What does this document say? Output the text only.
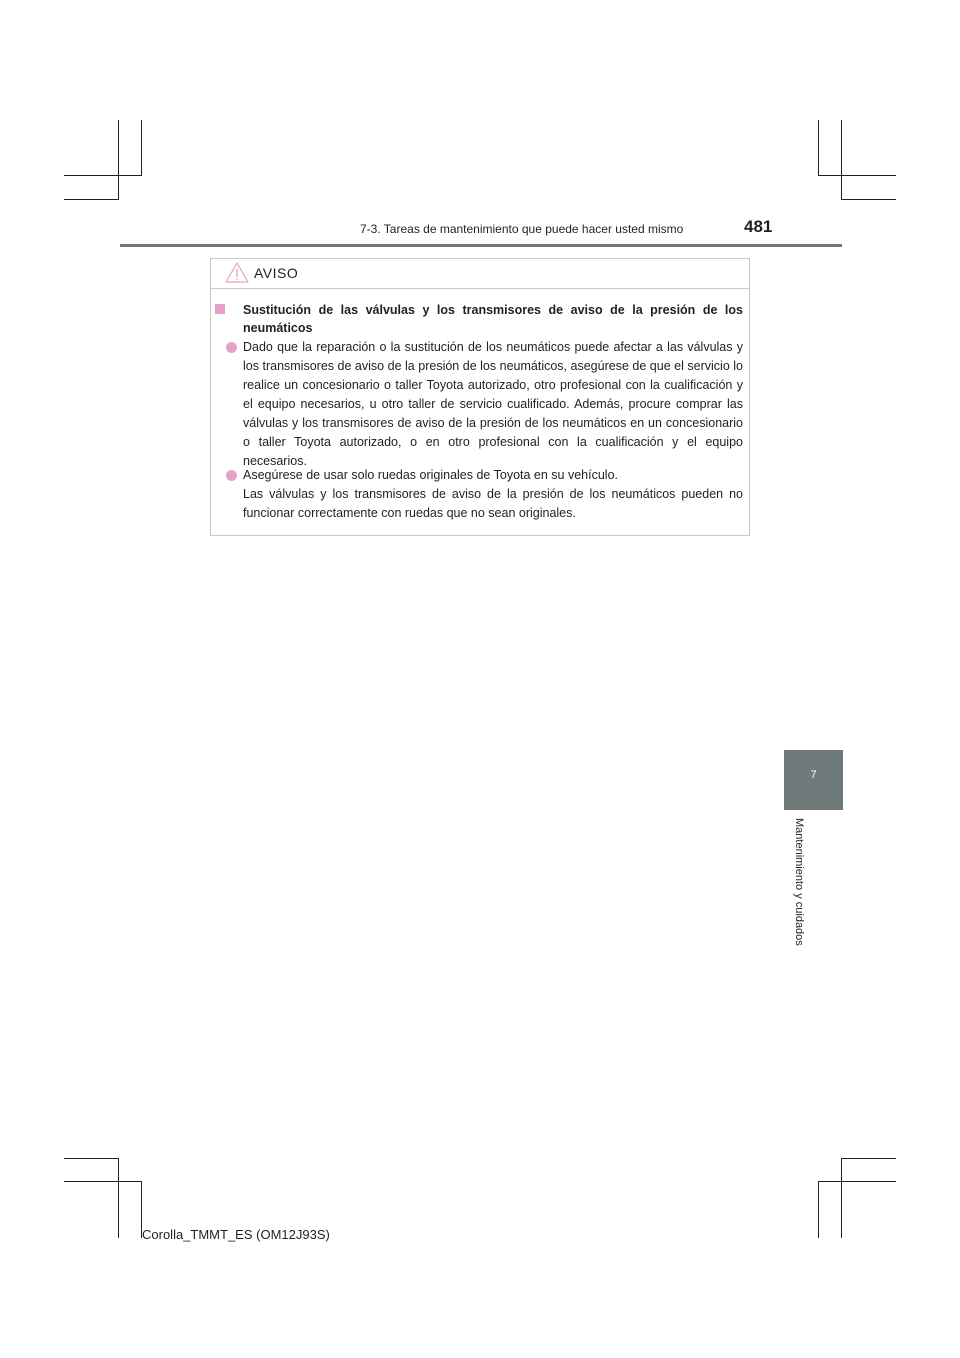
7-3. Tareas de mantenimiento que puede hacer usted mismo	481
AVISO
Sustitución de las válvulas y los transmisores de aviso de la presión de los neumáticos

Dado que la reparación o la sustitución de los neumáticos puede afectar a las válvulas y los transmisores de aviso de la presión de los neumáticos, asegúrese de que el servicio lo realice un concesionario o taller Toyota autorizado, otro profesional con la cualificación y el equipo necesarios, u otro taller de servicio cualificado. Además, procure comprar las válvulas y los transmisores de aviso de la presión de los neumáticos en un concesionario o taller Toyota autorizado, o en otro profesional con la cualificación y el equipo necesarios.

Asegúrese de usar solo ruedas originales de Toyota en su vehículo.

Las válvulas y los transmisores de aviso de la presión de los neumáticos pueden no funcionar correctamente con ruedas que no sean originales.

7
Mantenimiento y cuidados
Corolla_TMMT_ES (OM12J93S)
